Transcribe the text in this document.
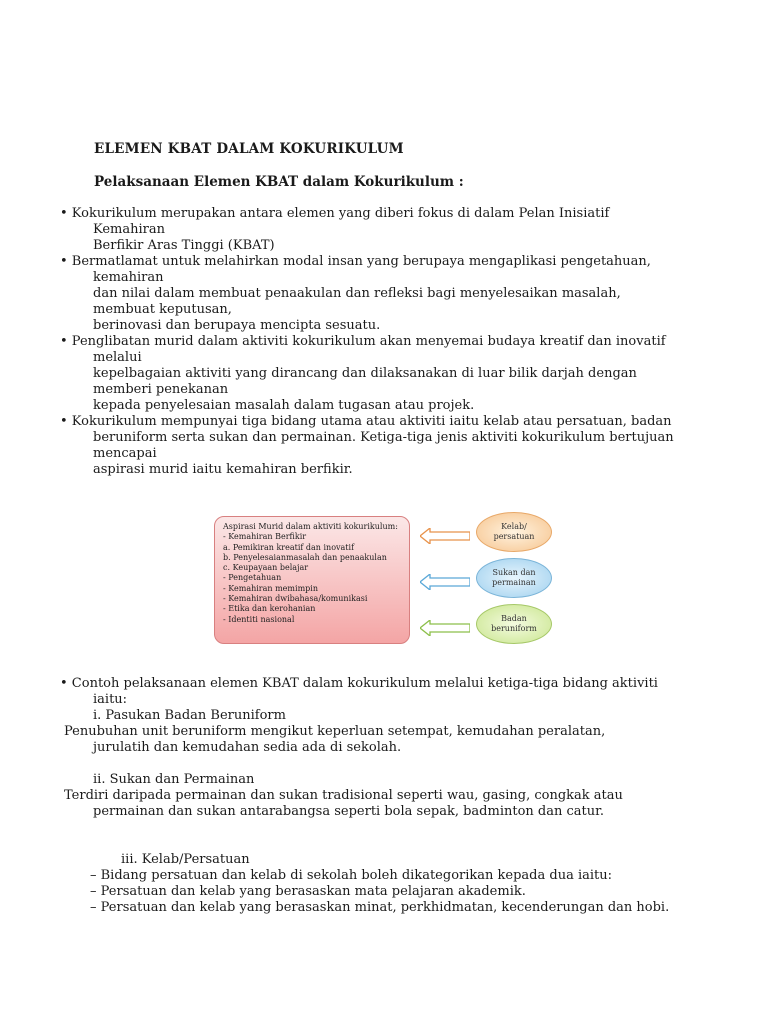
ELEMEN KBAT DALAM KOKURIKULUM
Pelaksanaan Elemen KBAT dalam Kokurikulum :
• Kokurikulum merupakan antara elemen yang diberi fokus di dalam Pelan Inisiatif
Kemahiran
Berfikir Aras Tinggi (KBAT)
• Bermatlamat untuk melahirkan modal insan yang berupaya mengaplikasi pengetahuan,
kemahiran
dan nilai dalam membuat penaakulan dan refleksi bagi menyelesaikan masalah,
membuat keputusan,
berinovasi dan berupaya mencipta sesuatu.
• Penglibatan murid dalam aktiviti kokurikulum akan menyemai budaya kreatif dan inovatif
melalui
kepelbagaian aktiviti yang dirancang dan dilaksanakan di luar bilik darjah dengan
memberi penekanan
kepada penyelesaian masalah dalam tugasan atau projek.
• Kokurikulum mempunyai tiga bidang utama atau aktiviti iaitu kelab atau persatuan, badan
beruniform serta sukan dan permainan. Ketiga-tiga jenis aktiviti kokurikulum bertujuan
mencapai
aspirasi murid iaitu kemahiran berfikir.
• Contoh pelaksanaan elemen KBAT dalam kokurikulum melalui ketiga-tiga bidang aktiviti
iaitu:
i. Pasukan Badan Beruniform
Penubuhan unit beruniform mengikut keperluan setempat, kemudahan peralatan,
jurulatih dan kemudahan sedia ada di sekolah.
ii. Sukan dan Permainan
Terdiri daripada permainan dan sukan tradisional seperti wau, gasing, congkak atau
permainan dan sukan antarabangsa seperti bola sepak, badminton dan catur.
iii. Kelab/Persatuan
– Bidang persatuan dan kelab di sekolah boleh dikategorikan kepada dua iaitu:
– Persatuan dan kelab yang berasaskan mata pelajaran akademik.
– Persatuan dan kelab yang berasaskan minat, perkhidmatan, kecenderungan dan hobi.
Aspirasi Murid dalam aktiviti kokurikulum:
- Kemahiran Berfikir
a. Pemikiran kreatif dan inovatif
b. Penyelesaianmasalah dan penaakulan
c. Keupayaan belajar
- Pengetahuan
- Kemahiran memimpin
- Kemahiran dwibahasa/komunikasi
- Etika dan kerohanian
- Identiti nasional
Kelab/ persatuan
Sukan dan permainan
Badan beruniform
